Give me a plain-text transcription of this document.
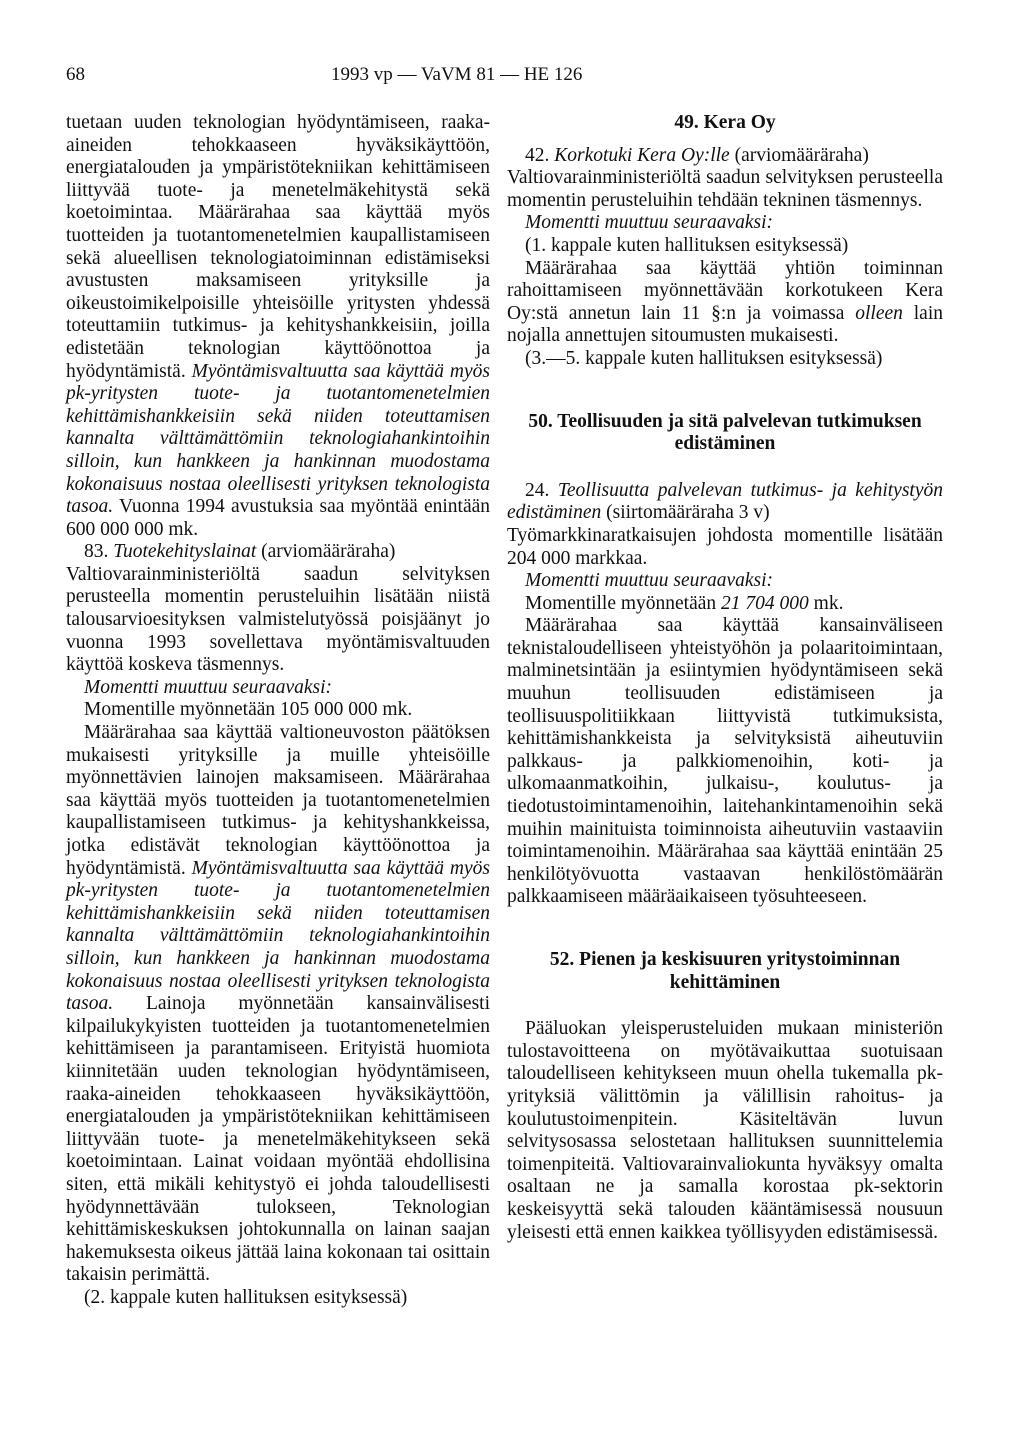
68	1993 vp — VaVM 81 — HE 126

tuetaan uuden teknologian hyödyntämiseen, raaka-aineiden tehokkaaseen hyväksikäyttöön, energiatalouden ja ympäristötekniikan kehittämiseen liittyvää tuote- ja menetelmäkehitystä sekä koetoimintaa. Määrärahaa saa käyttää myös tuotteiden ja tuotantomenetelmien kaupallistamiseen sekä alueellisen teknologiatoiminnan edistämiseksi avustusten maksamiseen yrityksille ja oikeustoimikelpoisille yhteisöille yritysten yhdessä toteuttamiin tutkimus- ja kehityshankkeisiin, joilla edistetään teknologian käyttöönottoa ja hyödyntämistä. Myöntämisvaltuutta saa käyttää myös pk-yritysten tuote- ja tuotantomenetelmien kehittämishankkeisiin sekä niiden toteuttamisen kannalta välttämättömiin teknologiahankintoihin silloin, kun hankkeen ja hankinnan muodostama kokonaisuus nostaa oleellisesti yrityksen teknologista tasoa. Vuonna 1994 avustuksia saa myöntää enintään 600 000 000 mk.

83. Tuotekehityslainat (arviomääräraha)

Valtiovarainministeriöltä saadun selvityksen perusteella momentin perusteluihin lisätään niistä talousarvioesityksen valmistelutyössä poisjäänyt jo vuonna 1993 sovellettava myöntämisvaltuuden käyttöä koskeva täsmennys.

Momentti muuttuu seuraavaksi:

Momentille myönnetään 105 000 000 mk.

Määrärahaa saa käyttää valtioneuvoston päätöksen mukaisesti yrityksille ja muille yhteisöille myönnettävien lainojen maksamiseen. Määrärahaa saa käyttää myös tuotteiden ja tuotantomenetelmien kaupallistamiseen tutkimus- ja kehityshankkeissa, jotka edistävät teknologian käyttöönottoa ja hyödyntämistä. Myöntämisvaltuutta saa käyttää myös pk-yritysten tuote- ja tuotantomenetelmien kehittämishankkeisiin sekä niiden toteuttamisen kannalta välttämättömiin teknologiahankintoihin silloin, kun hankkeen ja hankinnan muodostama kokonaisuus nostaa oleellisesti yrityksen teknologista tasoa. Lainoja myönnetään kansainvälisesti kilpailukykyisten tuotteiden ja tuotantomenetelmien kehittämiseen ja parantamiseen. Erityistä huomiota kiinnitetään uuden teknologian hyödyntämiseen, raaka-aineiden tehokkaaseen hyväksikäyttöön, energiatalouden ja ympäristötekniikan kehittämiseen liittyvään tuote- ja menetelmäkehitykseen sekä koetoimintaan. Lainat voidaan myöntää ehdollisina siten, että mikäli kehitystyö ei johda taloudellisesti hyödynnettävään tulokseen, Teknologian kehittämiskeskuksen johtokunnalla on lainan saajan hakemuksesta oikeus jättää laina kokonaan tai osittain takaisin perimättä.

(2. kappale kuten hallituksen esityksessä)

49. Kera Oy

42. Korkotuki Kera Oy:lle (arviomääräraha)

Valtiovarainministeriöltä saadun selvityksen perusteella momentin perusteluihin tehdään tekninen täsmennys.

Momentti muuttuu seuraavaksi:

(1. kappale kuten hallituksen esityksessä)

Määrärahaa saa käyttää yhtiön toiminnan rahoittamiseen myönnettävään korkotukeen Kera Oy:stä annetun lain 11 §:n ja voimassa olleen lain nojalla annettujen sitoumusten mukaisesti.

(3.—5. kappale kuten hallituksen esityksessä)

50. Teollisuuden ja sitä palvelevan tutkimuksen edistäminen

24. Teollisuutta palvelevan tutkimus- ja kehitystyön edistäminen (siirtomääräraha 3 v)

Työmarkkinaratkaisujen johdosta momentille lisätään 204 000 markkaa.

Momentti muuttuu seuraavaksi:

Momentille myönnetään 21 704 000 mk.

Määrärahaa saa käyttää kansainväliseen teknistaloudelliseen yhteistyöhön ja polaaritoimintaan, malminetsintään ja esiintymien hyödyntämiseen sekä muuhun teollisuuden edistämiseen ja teollisuuspolitiikkaan liittyvistä tutkimuksista, kehittämishankkeista ja selvityksistä aiheutuviin palkkaus- ja palkkiomenoihin, koti- ja ulkomaanmatkoihin, julkaisu-, koulutus- ja tiedotustoimintamenoihin, laitehankintamenoihin sekä muihin mainituista toiminnoista aiheutuviin vastaaviin toimintamenoihin. Määrärahaa saa käyttää enintään 25 henkilötyövuotta vastaavan henkilöstömäärän palkkaamiseen määräaikaiseen työsuhteeseen.

52. Pienen ja keskisuuren yritystoiminnan kehittäminen

Pääluokan yleisperusteluiden mukaan ministeriön tulostavoitteena on myötävaikuttaa suotuisaan taloudelliseen kehitykseen muun ohella tukemalla pk-yrityksiä välittömin ja välillisin rahoitus- ja koulutustoimenpitein. Käsiteltävän luvun selvitysosassa selostetaan hallituksen suunnittelemia toimenpiteitä. Valtiovarainvaliokunta hyväksyy omalta osaltaan ne ja samalla korostaa pk-sektorin keskeisyyttä sekä talouden kääntämisessä nousuun yleisesti että ennen kaikkea työllisyyden edistämisessä.
